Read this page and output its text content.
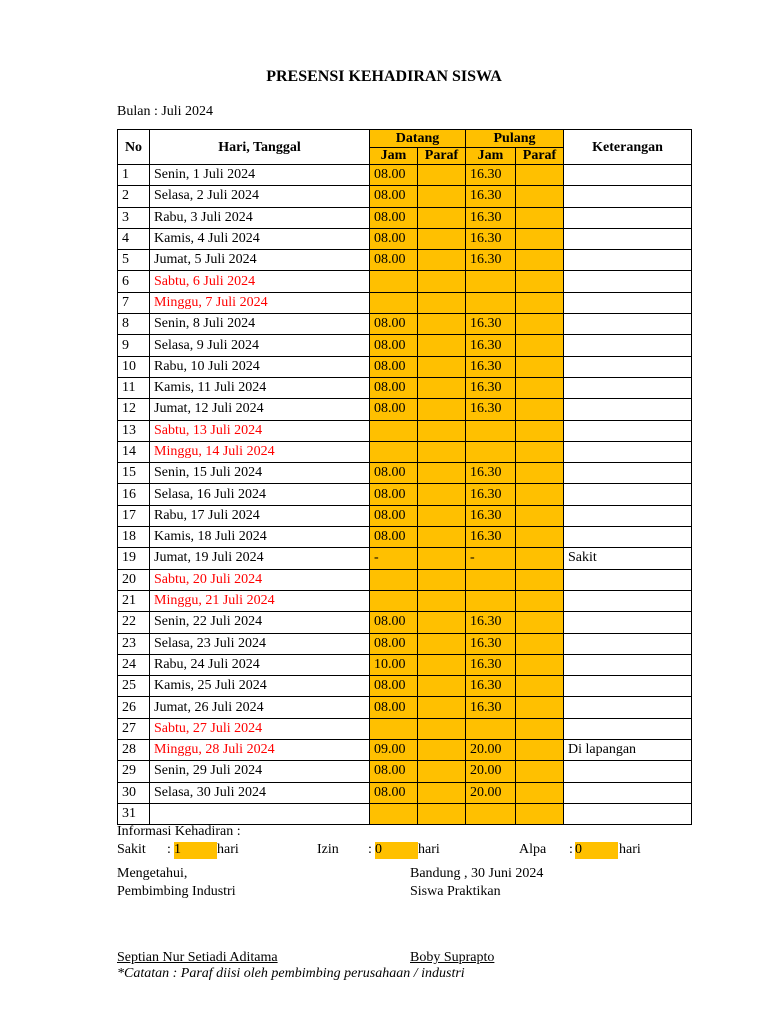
PRESENSI KEHADIRAN SISWA
Bulan : Juli 2024
No	Hari, Tanggal	Datang		Pulang		Keterangan
		Jam	Paraf	Jam	Paraf	
1	Senin, 1 Juli 2024	08.00		16.30		
2	Selasa, 2 Juli 2024	08.00		16.30		
3	Rabu, 3 Juli 2024	08.00		16.30		
4	Kamis, 4 Juli 2024	08.00		16.30		
5	Jumat, 5 Juli 2024	08.00		16.30		
6	Sabtu, 6 Juli 2024					
7	Minggu, 7 Juli 2024					
8	Senin, 8 Juli 2024	08.00		16.30		
9	Selasa, 9 Juli 2024	08.00		16.30		
10	Rabu, 10 Juli 2024	08.00		16.30		
11	Kamis, 11 Juli 2024	08.00		16.30		
12	Jumat, 12 Juli 2024	08.00		16.30		
13	Sabtu, 13 Juli 2024					
14	Minggu, 14 Juli 2024					
15	Senin, 15 Juli 2024	08.00		16.30		
16	Selasa, 16 Juli 2024	08.00		16.30		
17	Rabu, 17 Juli 2024	08.00		16.30		
18	Kamis, 18 Juli 2024	08.00		16.30		
19	Jumat, 19 Juli 2024	-		-		Sakit
20	Sabtu, 20 Juli 2024					
21	Minggu, 21 Juli 2024					
22	Senin, 22 Juli 2024	08.00		16.30		
23	Selasa, 23 Juli 2024	08.00		16.30		
24	Rabu, 24 Juli 2024	10.00		16.30		
25	Kamis, 25 Juli 2024	08.00		16.30		
26	Jumat, 26 Juli 2024	08.00		16.30		
27	Sabtu, 27 Juli 2024					
28	Minggu, 28 Juli 2024	09.00		20.00		Di lapangan
29	Senin, 29 Juli 2024	08.00		20.00		
30	Selasa, 30 Juli 2024	08.00		20.00		
31						
Informasi Kehadiran :
Sakit : 1	hari	Izin : 0	hari	Alpa : 0	hari
Mengetahui,
Pembimbing Industri
Bandung , 30 Juni 2024
Siswa Praktikan
Septian Nur Setiadi Aditama	Boby Suprapto
*Catatan : Paraf diisi oleh pembimbing perusahaan / industri
